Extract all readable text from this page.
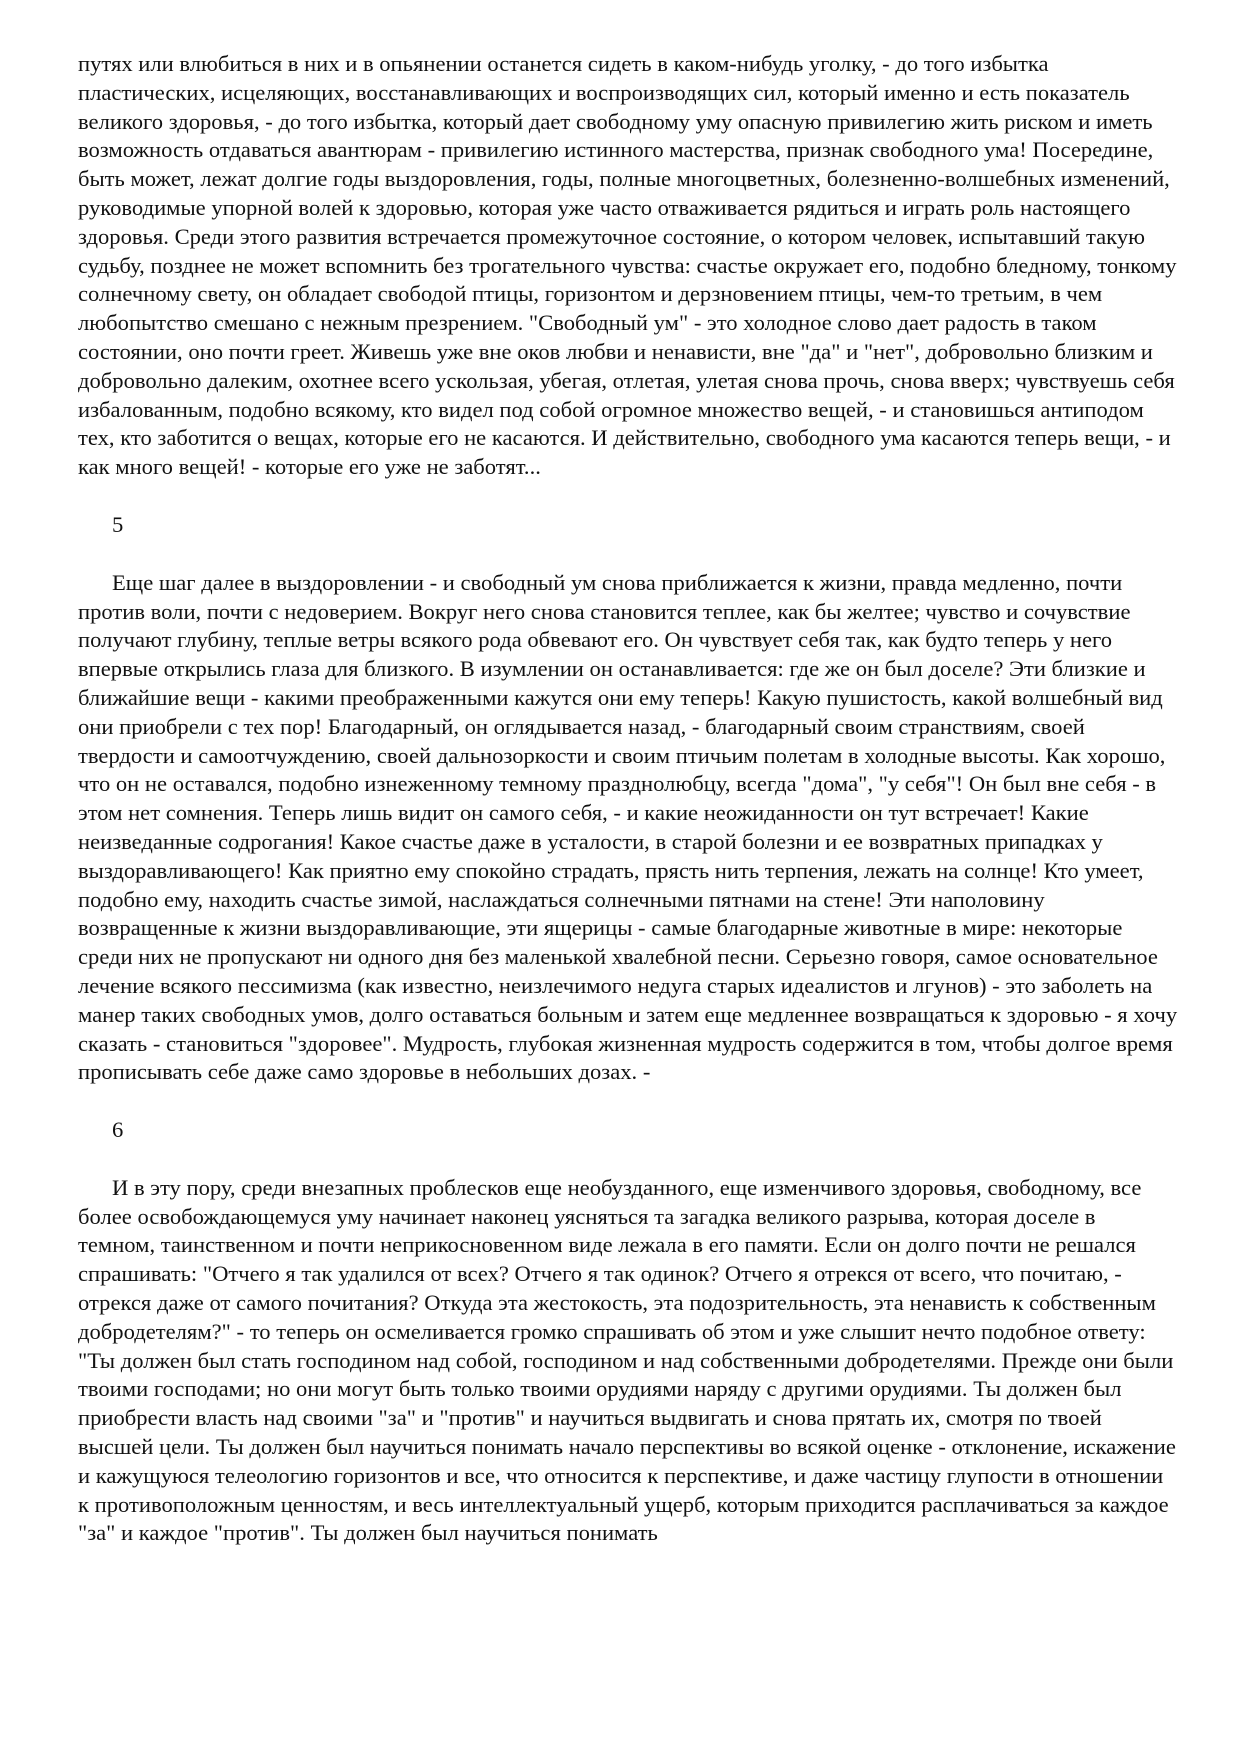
путях или влюбиться в них и в опьянении останется сидеть в каком-нибудь уголку, - до того избытка пластических, исцеляющих, восстанавливающих и воспроизводящих сил, который именно и есть показатель великого здоровья, - до того избытка, который дает свободному уму опасную привилегию жить риском и иметь возможность отдаваться авантюрам - привилегию истинного мастерства, признак свободного ума! Посередине, быть может, лежат долгие годы выздоровления, годы, полные многоцветных, болезненно-волшебных изменений, руководимые упорной волей к здоровью, которая уже часто отваживается рядиться и играть роль настоящего здоровья. Среди этого развития встречается промежуточное состояние, о котором человек, испытавший такую судьбу, позднее не может вспомнить без трогательного чувства: счастье окружает его, подобно бледному, тонкому солнечному свету, он обладает свободой птицы, горизонтом и дерзновением птицы, чем-то третьим, в чем любопытство смешано с нежным презрением. "Свободный ум" - это холодное слово дает радость в таком состоянии, оно почти греет. Живешь уже вне оков любви и ненависти, вне "да" и "нет", добровольно близким и добровольно далеким, охотнее всего ускользая, убегая, отлетая, улетая снова прочь, снова вверх; чувствуешь себя избалованным, подобно всякому, кто видел под собой огромное множество вещей, - и становишься антиподом тех, кто заботится о вещах, которые его не касаются. И действительно, свободного ума касаются теперь вещи, - и как много вещей! - которые его уже не заботят...

5

Еще шаг далее в выздоровлении - и свободный ум снова приближается к жизни, правда медленно, почти против воли, почти с недоверием. Вокруг него снова становится теплее, как бы желтее; чувство и сочувствие получают глубину, теплые ветры всякого рода обвевают его. Он чувствует себя так, как будто теперь у него впервые открылись глаза для близкого. В изумлении он останавливается: где же он был доселе? Эти близкие и ближайшие вещи - какими преображенными кажутся они ему теперь! Какую пушистость, какой волшебный вид они приобрели с тех пор! Благодарный, он оглядывается назад, - благодарный своим странствиям, своей твердости и самоотчуждению, своей дальнозоркости и своим птичьим полетам в холодные высоты. Как хорошо, что он не оставался, подобно изнеженному темному празднолюбцу, всегда "дома", "у себя"! Он был вне себя - в этом нет сомнения. Теперь лишь видит он самого себя, - и какие неожиданности он тут встречает! Какие неизведанные содрогания! Какое счастье даже в усталости, в старой болезни и ее возвратных припадках у выздоравливающего! Как приятно ему спокойно страдать, прясть нить терпения, лежать на солнце! Кто умеет, подобно ему, находить счастье зимой, наслаждаться солнечными пятнами на стене! Эти наполовину возвращенные к жизни выздоравливающие, эти ящерицы - самые благодарные животные в мире: некоторые среди них не пропускают ни одного дня без маленькой хвалебной песни. Серьезно говоря, самое основательное лечение всякого пессимизма (как известно, неизлечимого недуга старых идеалистов и лгунов) - это заболеть на манер таких свободных умов, долго оставаться больным и затем еще медленнее возвращаться к здоровью - я хочу сказать - становиться "здоровее". Мудрость, глубокая жизненная мудрость содержится в том, чтобы долгое время прописывать себе даже само здоровье в небольших дозах. -

6

И в эту пору, среди внезапных проблесков еще необузданного, еще изменчивого здоровья, свободному, все более освобождающемуся уму начинает наконец уясняться та загадка великого разрыва, которая доселе в темном, таинственном и почти неприкосновенном виде лежала в его памяти. Если он долго почти не решался спрашивать: "Отчего я так удалился от всех? Отчего я так одинок? Отчего я отрекся от всего, что почитаю, - отрекся даже от самого почитания? Откуда эта жестокость, эта подозрительность, эта ненависть к собственным добродетелям?" - то теперь он осмеливается громко спрашивать об этом и уже слышит нечто подобное ответу: "Ты должен был стать господином над собой, господином и над собственными добродетелями. Прежде они были твоими господами; но они могут быть только твоими орудиями наряду с другими орудиями. Ты должен был приобрести власть над своими "за" и "против" и научиться выдвигать и снова прятать их, смотря по твоей высшей цели. Ты должен был научиться понимать начало перспективы во всякой оценке - отклонение, искажение и кажущуюся телеологию горизонтов и все, что относится к перспективе, и даже частицу глупости в отношении к противоположным ценностям, и весь интеллектуальный ущерб, которым приходится расплачиваться за каждое "за" и каждое "против". Ты должен был научиться понимать
